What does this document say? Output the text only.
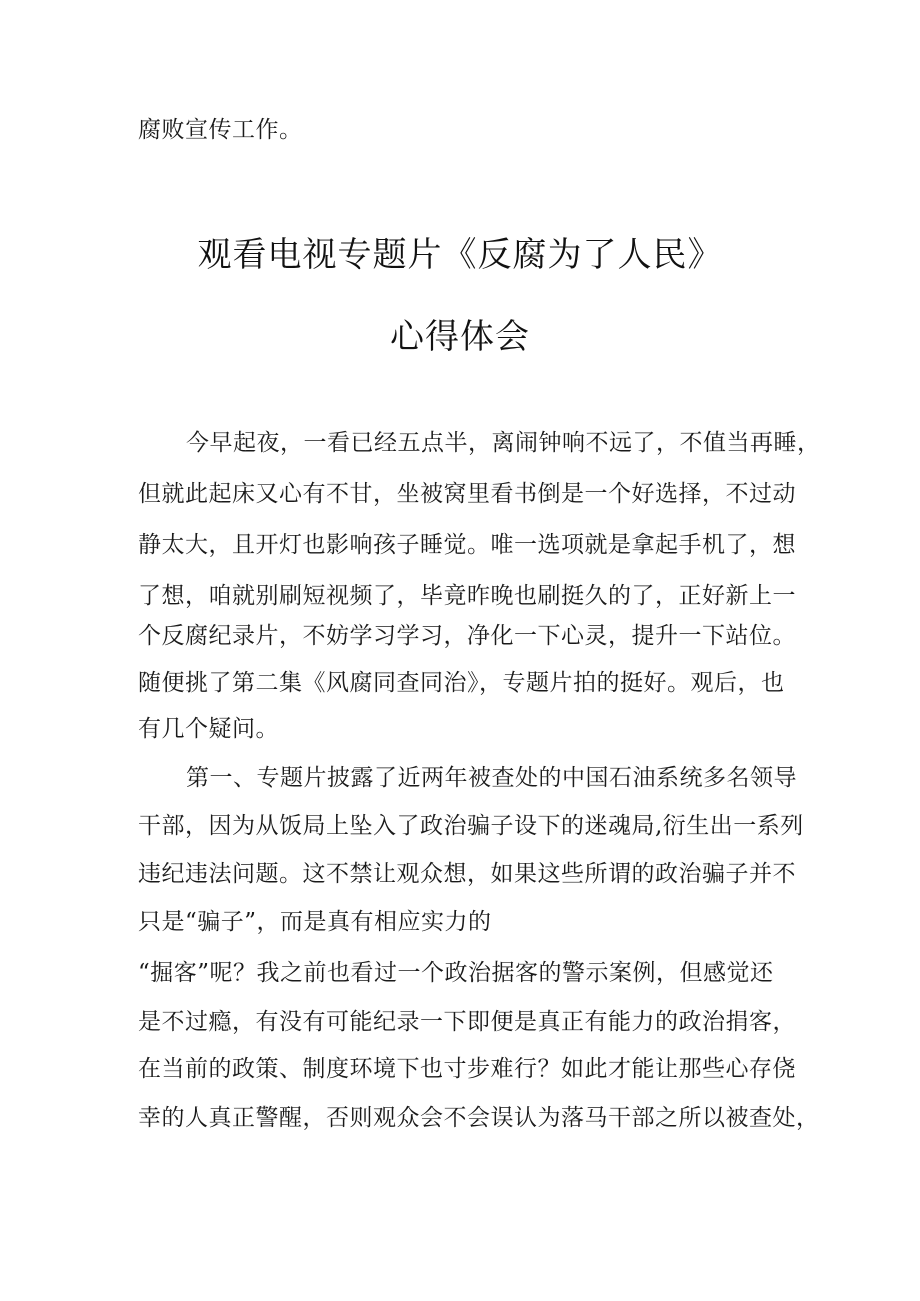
腐败宣传工作。
观看电视专题片《反腐为了人民》
心得体会
今早起夜，一看已经五点半，离闹钟响不远了，不值当再睡，
但就此起床又心有不甘，坐被窝里看书倒是一个好选择，不过动
静太大，且开灯也影响孩子睡觉。唯一选项就是拿起手机了，想
了想，咱就别刷短视频了，毕竟昨晚也刷挺久的了，正好新上一
个反腐纪录片，不妨学习学习，净化一下心灵，提升一下站位。
随便挑了第二集《风腐同查同治》，专题片拍的挺好。观后，也
有几个疑问。
第一、专题片披露了近两年被查处的中国石油系统多名领导
干部，因为从饭局上坠入了政治骗子设下的迷魂局,衍生出一系列
违纪违法问题。这不禁让观众想，如果这些所谓的政治骗子并不
只是“骗子”，而是真有相应实力的
“掘客”呢？我之前也看过一个政治据客的警示案例，但感觉还
是不过瘾，有没有可能纪录一下即便是真正有能力的政治捐客，
在当前的政策、制度环境下也寸步难行？如此才能让那些心存侥
幸的人真正警醒，否则观众会不会误认为落马干部之所以被查处，
